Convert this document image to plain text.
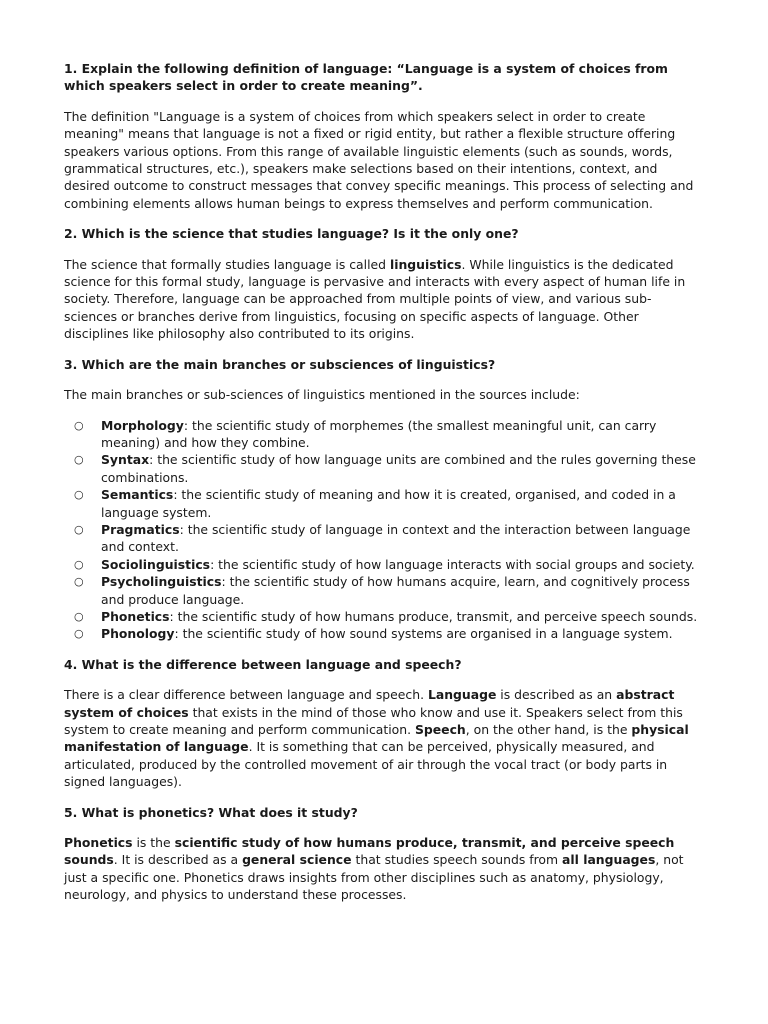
1. Explain the following definition of language: “Language is a system of choices from which speakers select in order to create meaning”.
The definition "Language is a system of choices from which speakers select in order to create meaning" means that language is not a fixed or rigid entity, but rather a flexible structure offering speakers various options. From this range of available linguistic elements (such as sounds, words, grammatical structures, etc.), speakers make selections based on their intentions, context, and desired outcome to construct messages that convey specific meanings. This process of selecting and combining elements allows human beings to express themselves and perform communication.
2. Which is the science that studies language? Is it the only one?
The science that formally studies language is called linguistics. While linguistics is the dedicated science for this formal study, language is pervasive and interacts with every aspect of human life in society. Therefore, language can be approached from multiple points of view, and various sub-sciences or branches derive from linguistics, focusing on specific aspects of language. Other disciplines like philosophy also contributed to its origins.
3. Which are the main branches or subsciences of linguistics?
The main branches or sub-sciences of linguistics mentioned in the sources include:
○ Morphology: the scientific study of morphemes (the smallest meaningful unit, can carry meaning) and how they combine.
○ Syntax: the scientific study of how language units are combined and the rules governing these combinations.
○ Semantics: the scientific study of meaning and how it is created, organised, and coded in a language system.
○ Pragmatics: the scientific study of language in context and the interaction between language and context.
○ Sociolinguistics: the scientific study of how language interacts with social groups and society.
○ Psycholinguistics: the scientific study of how humans acquire, learn, and cognitively process and produce language.
○ Phonetics: the scientific study of how humans produce, transmit, and perceive speech sounds.
○ Phonology: the scientific study of how sound systems are organised in a language system.
4. What is the difference between language and speech?
There is a clear difference between language and speech. Language is described as an abstract system of choices that exists in the mind of those who know and use it. Speakers select from this system to create meaning and perform communication. Speech, on the other hand, is the physical manifestation of language. It is something that can be perceived, physically measured, and articulated, produced by the controlled movement of air through the vocal tract (or body parts in signed languages).
5. What is phonetics? What does it study?
Phonetics is the scientific study of how humans produce, transmit, and perceive speech sounds. It is described as a general science that studies speech sounds from all languages, not just a specific one. Phonetics draws insights from other disciplines such as anatomy, physiology, neurology, and physics to understand these processes.
